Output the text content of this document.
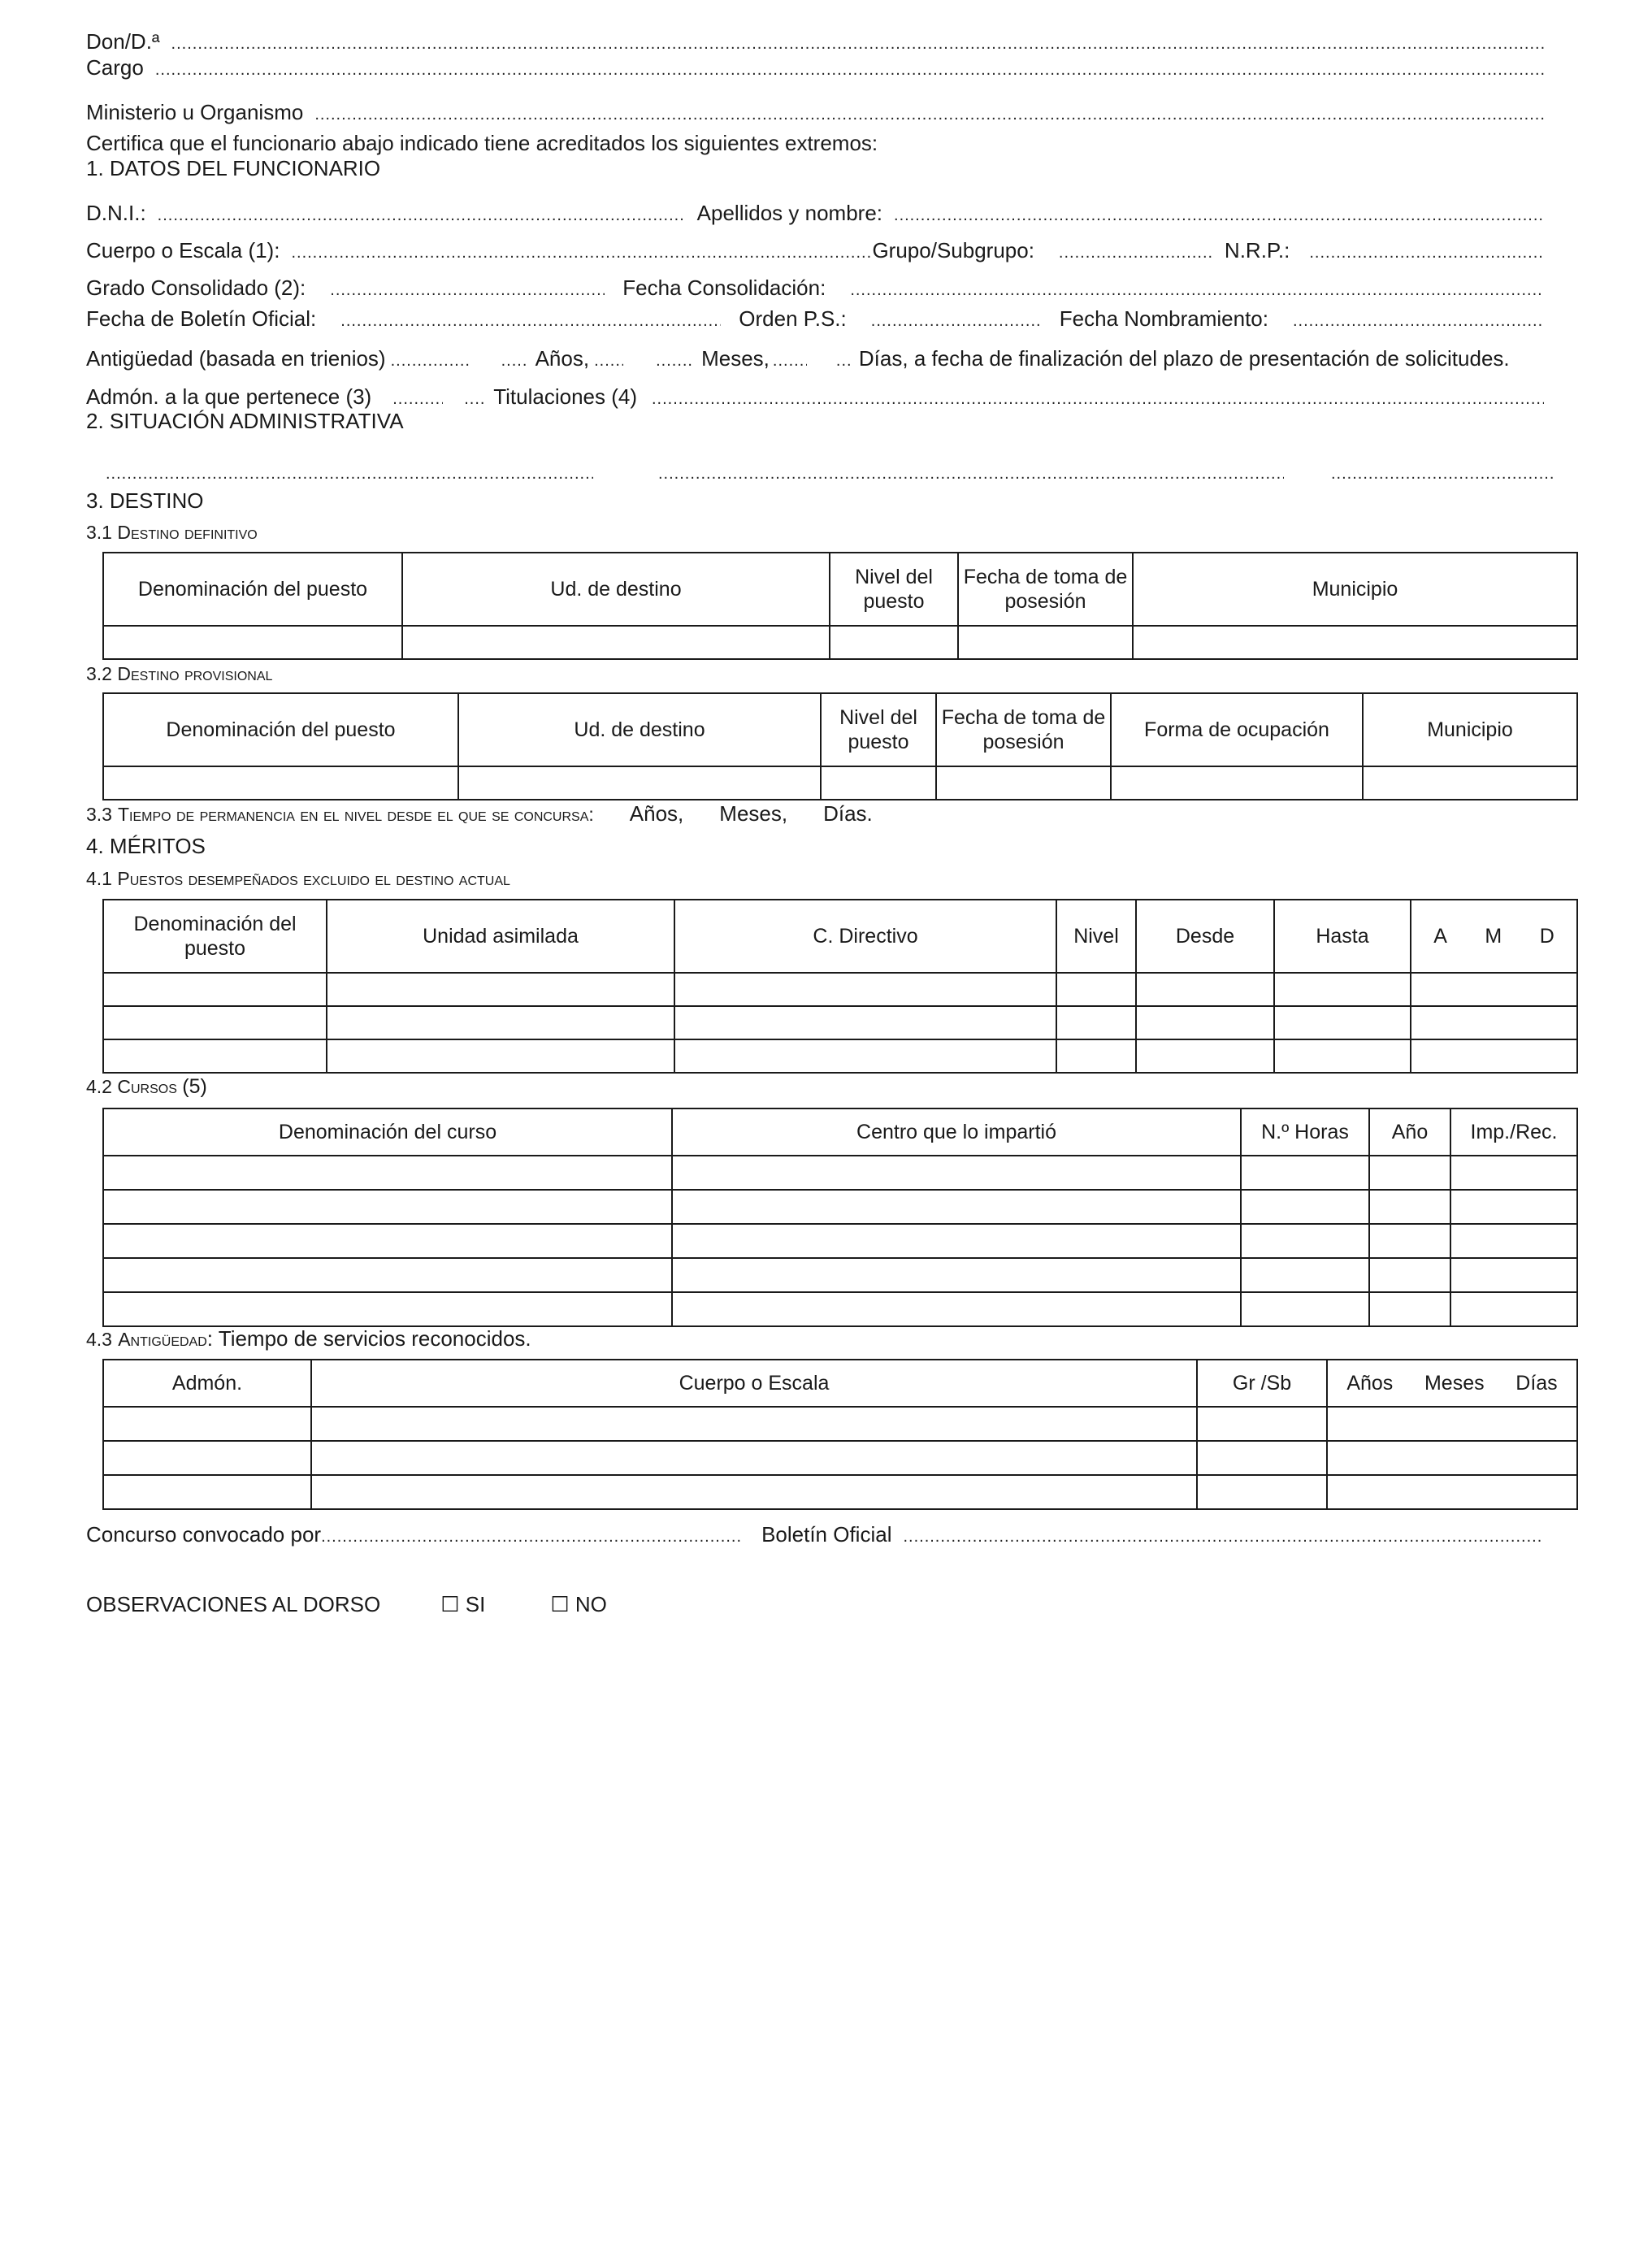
Don/D.ª
.....
Cargo
.....
Ministerio u Organismo
.....
Certifica que el funcionario abajo indicado tiene acreditados los siguientes extremos:
1. DATOS DEL FUNCIONARIO
D.N.I.: .....	Apellidos y nombre:
.....
Cuerpo o Escala (1): .....	Grupo/Subgrupo: .....	N.R.P.:
.....
Grado Consolidado (2): .....	Fecha Consolidación:
.....
Fecha de Boletín Oficial: .....	Orden P.S.: .....	Fecha Nombramiento:
.....
Antigüedad (basada en trienios) ..... .....	Años, ..... .....	Meses, ..... .....	Días, a fecha de finalización del plazo de presentación de solicitudes.
Admón. a la que pertenece (3) ..... .....	Titulaciones (4)
.....
2. SITUACIÓN ADMINISTRATIVA
.....
.....
.....
3. DESTINO
3.1 Destino definitivo
Denominación del puesto	Ud. de destino	Nivel del puesto	Fecha de toma de posesión	Municipio

3.2 Destino provisional
Denominación del puesto	Ud. de destino	Nivel del puesto	Fecha de toma de posesión	Forma de ocupación	Municipio

3.3 Tiempo de permanencia en el nivel desde el que se concursa: Años, Meses, Días.
4. MÉRITOS
4.1 Puestos desempeñados excluido el destino actual
Denominación del puesto	Unidad asimilada	C. Directivo	Nivel	Desde	Hasta	A M D

4.2 Cursos (5)
Denominación del curso	Centro que lo impartió	N.º Horas	Año	Imp./Rec.

4.3 Antigüedad: Tiempo de servicios reconocidos.
Admón.	Cuerpo o Escala	Gr /Sb	Años Meses Días

Concurso convocado por .....	Boletín Oficial
.....
OBSERVACIONES AL DORSO	☐ SI	☐ NO
